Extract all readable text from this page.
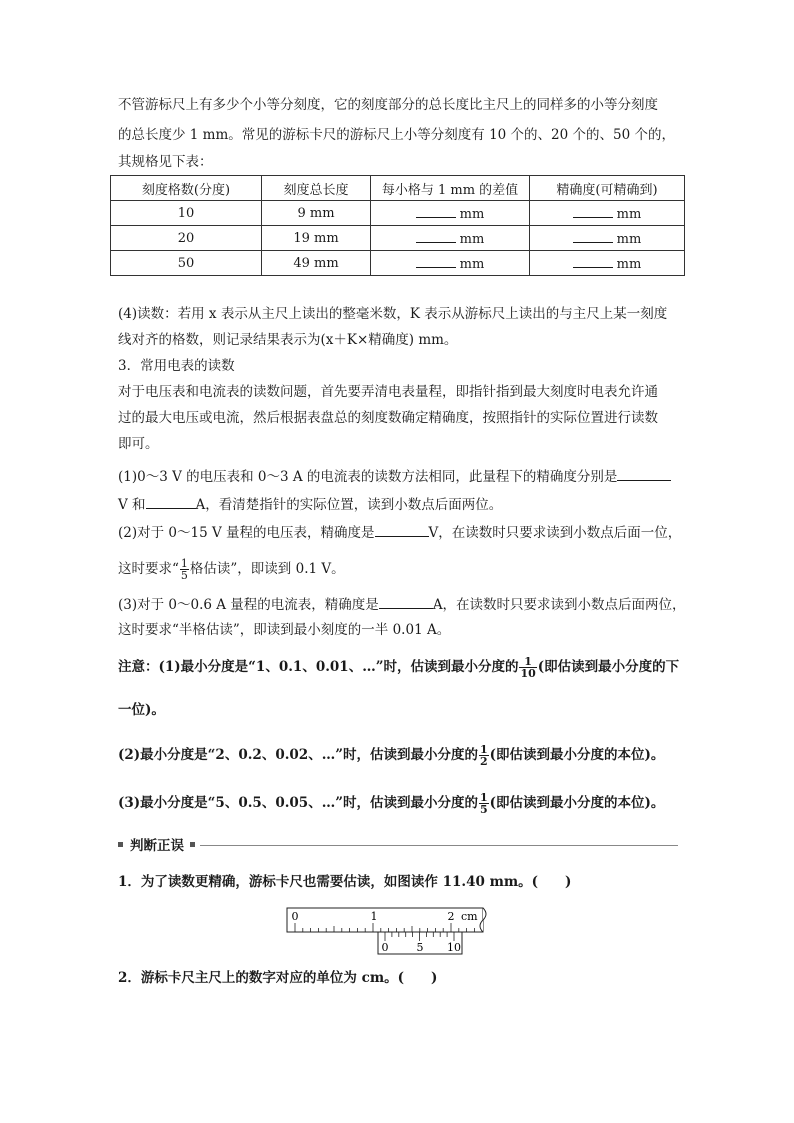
不管游标尺上有多少个小等分刻度，它的刻度部分的总长度比主尺上的同样多的小等分刻度
的总长度少 1 mm。常见的游标卡尺的游标尺上小等分刻度有 10 个的、20 个的、50 个的，
其规格见下表：
刻度格数(分度)	刻度总长度	每小格与 1 mm 的差值	精确度(可精确到)
10	9 mm	mm	mm
20	19 mm	mm	mm
50	49 mm	mm	mm
(4)读数：若用 x 表示从主尺上读出的整毫米数，K 表示从游标尺上读出的与主尺上某一刻度
线对齐的格数，则记录结果表示为(x＋K×精确度) mm。
3．常用电表的读数
对于电压表和电流表的读数问题，首先要弄清电表量程，即指针指到最大刻度时电表允许通
过的最大电压或电流，然后根据表盘总的刻度数确定精确度，按照指针的实际位置进行读数
即可。
(1)0～3 V 的电压表和 0～3 A 的电流表的读数方法相同，此量程下的精确度分别是
V 和	A，看清楚指针的实际位置，读到小数点后面两位。
(2)对于 0～15 V 量程的电压表，精确度是	V，在读数时只要求读到小数点后面一位，
这时要求“ $\frac{1}{5}$ 格估读”，即读到 0.1 V。
(3)对于 0～0.6 A 量程的电流表，精确度是	A，在读数时只要求读到小数点后面两位，
这时要求“半格估读”，即读到最小刻度的一半 0.01 A。
注意：(1)最小分度是“1、0.1、0.01、…”时，估读到最小分度的 $\frac{1}{10}$ (即估读到最小分度的下
一位)。
(2)最小分度是“2、0.2、0.02、…”时，估读到最小分度的 $\frac{1}{2}$ (即估读到最小分度的本位)。
(3)最小分度是“5、0.5、0.05、…”时，估读到最小分度的 $\frac{1}{5}$ (即估读到最小分度的本位)。
判断正误
1．为了读数更精确，游标卡尺也需要估读，如图读作 11.40 mm。(　　)
0	1	2 cm
0	5 10
2．游标卡尺主尺上的数字对应的单位为 cm。(　　)
